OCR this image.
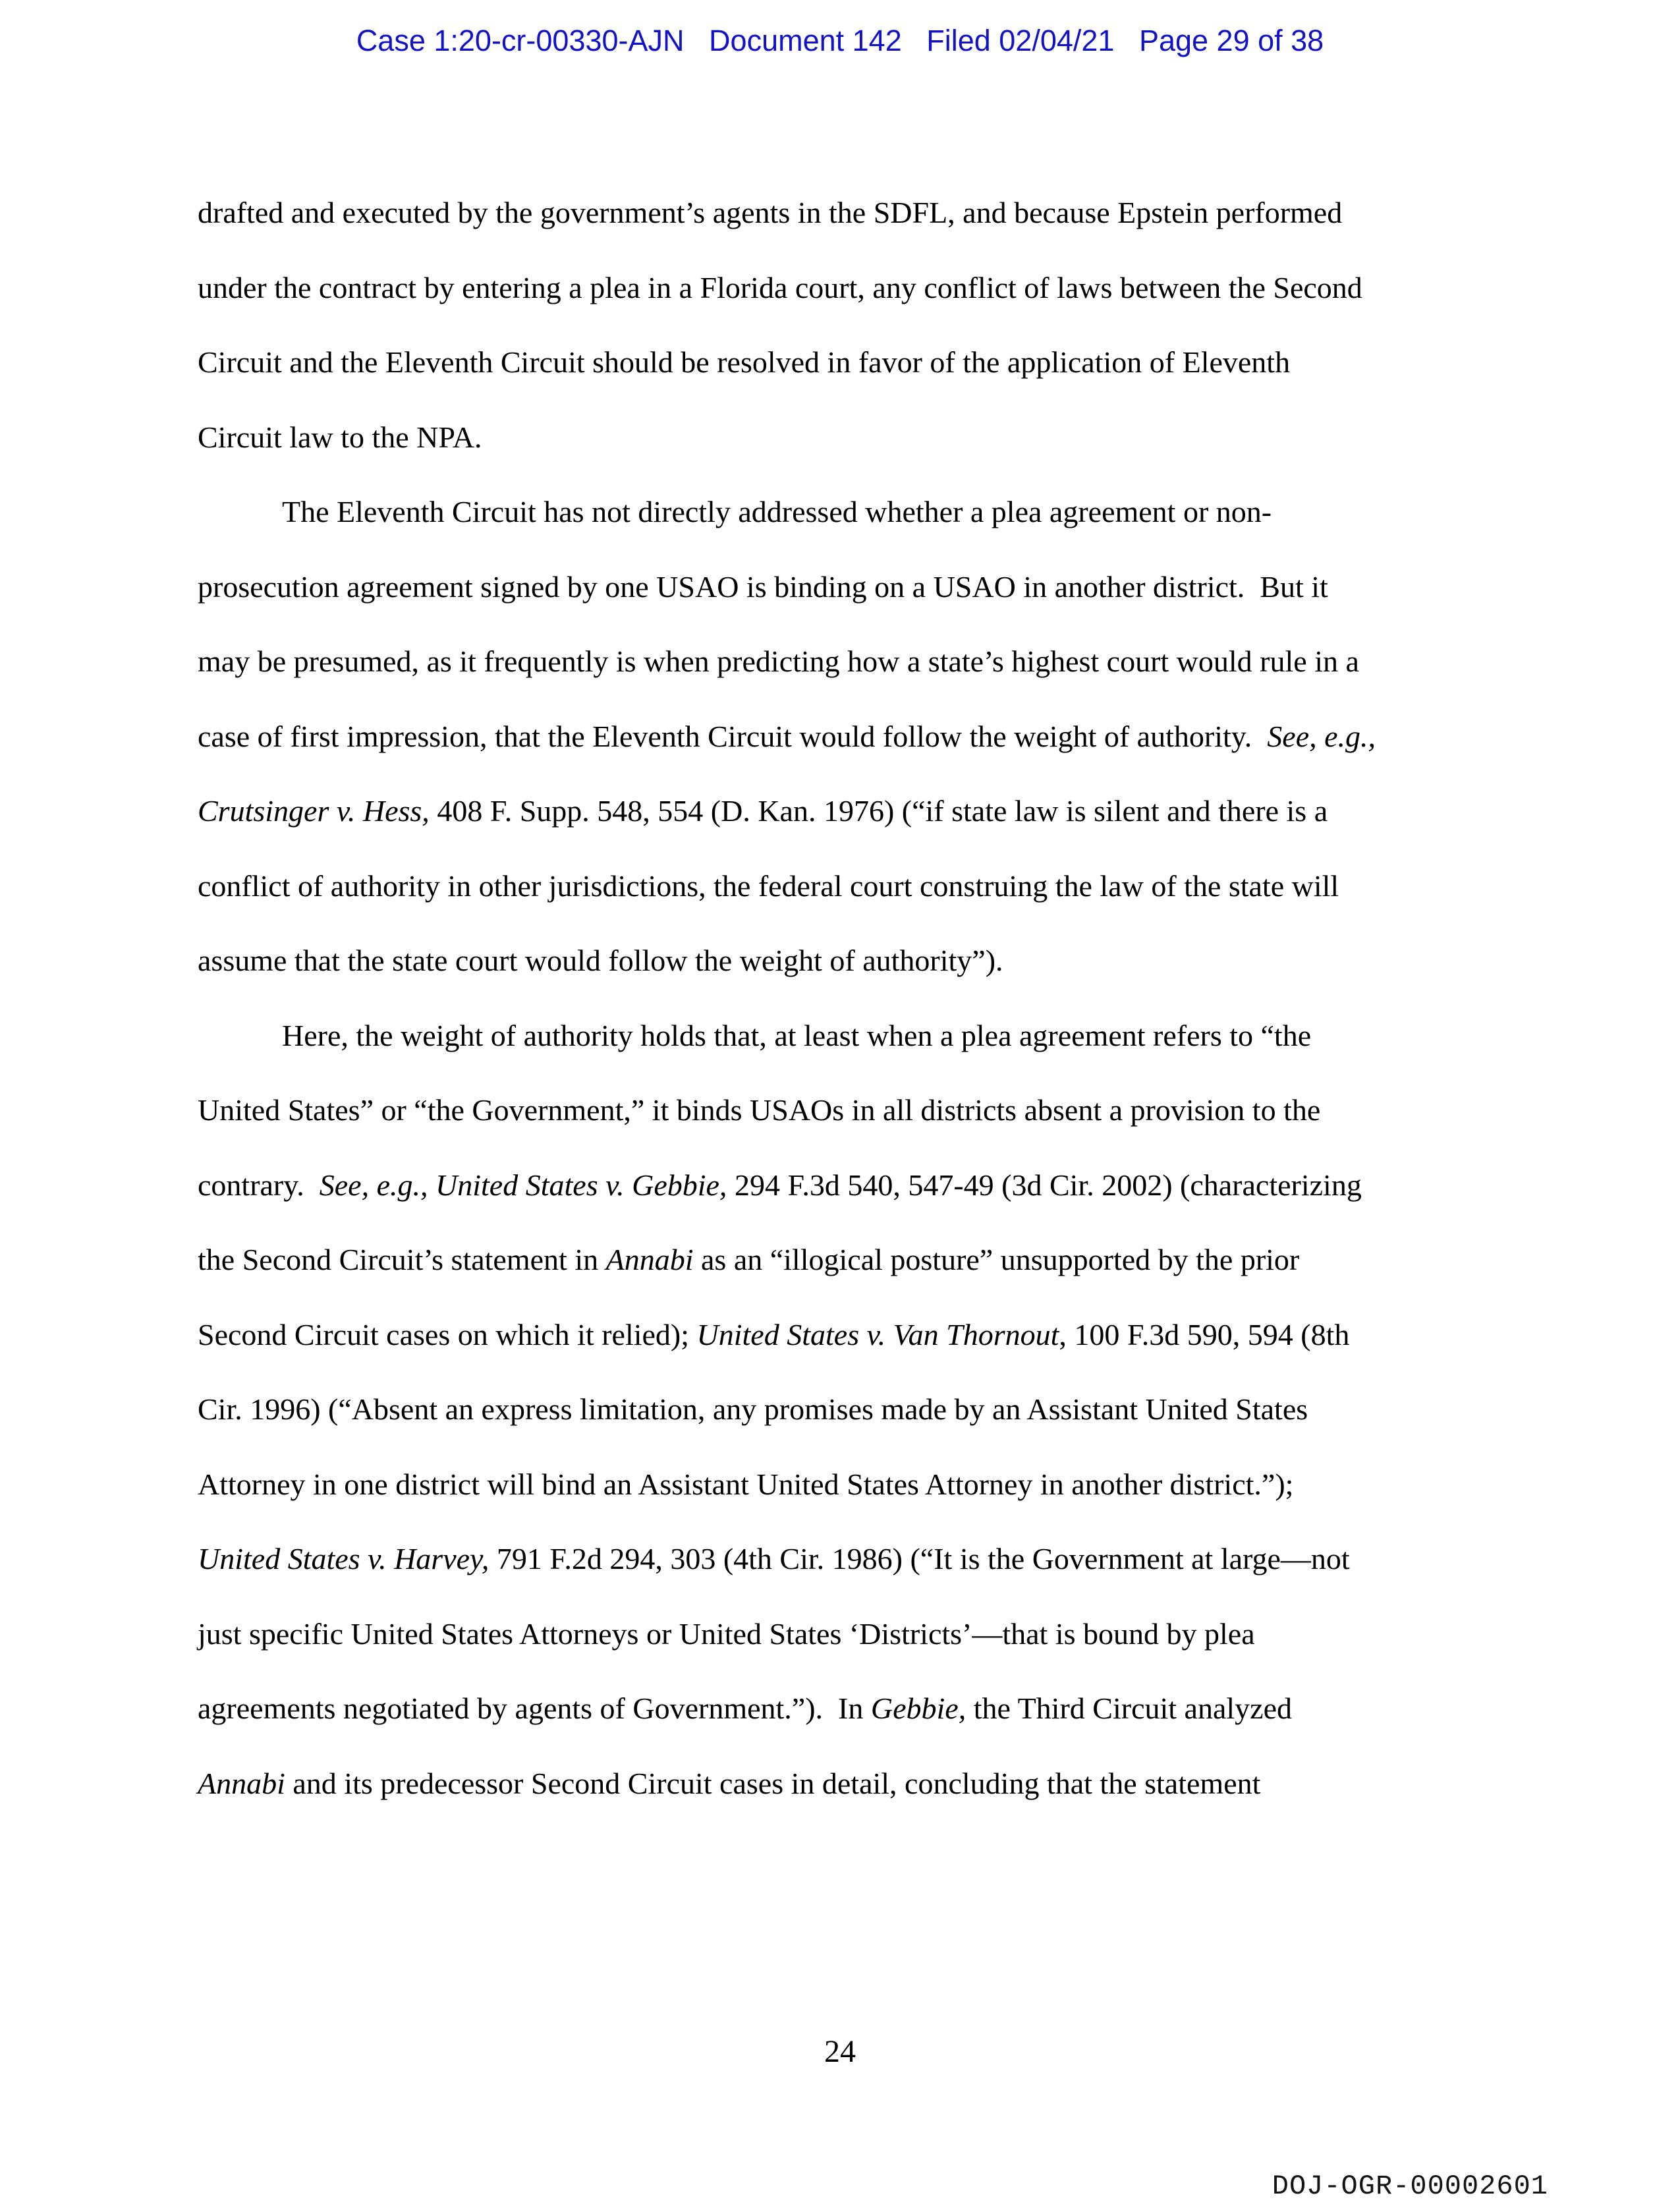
Case 1:20-cr-00330-AJN   Document 142   Filed 02/04/21   Page 29 of 38
drafted and executed by the government’s agents in the SDFL, and because Epstein performed
under the contract by entering a plea in a Florida court, any conflict of laws between the Second
Circuit and the Eleventh Circuit should be resolved in favor of the application of Eleventh
Circuit law to the NPA.
The Eleventh Circuit has not directly addressed whether a plea agreement or non-
prosecution agreement signed by one USAO is binding on a USAO in another district.  But it
may be presumed, as it frequently is when predicting how a state’s highest court would rule in a
case of first impression, that the Eleventh Circuit would follow the weight of authority.  See, e.g.,
Crutsinger v. Hess, 408 F. Supp. 548, 554 (D. Kan. 1976) (“if state law is silent and there is a
conflict of authority in other jurisdictions, the federal court construing the law of the state will
assume that the state court would follow the weight of authority”).
Here, the weight of authority holds that, at least when a plea agreement refers to “the
United States” or “the Government,” it binds USAOs in all districts absent a provision to the
contrary.  See, e.g., United States v. Gebbie, 294 F.3d 540, 547-49 (3d Cir. 2002) (characterizing
the Second Circuit’s statement in Annabi as an “illogical posture” unsupported by the prior
Second Circuit cases on which it relied); United States v. Van Thornout, 100 F.3d 590, 594 (8th
Cir. 1996) (“Absent an express limitation, any promises made by an Assistant United States
Attorney in one district will bind an Assistant United States Attorney in another district.”);
United States v. Harvey, 791 F.2d 294, 303 (4th Cir. 1986) (“It is the Government at large—not
just specific United States Attorneys or United States ‘Districts’—that is bound by plea
agreements negotiated by agents of Government.”).  In Gebbie, the Third Circuit analyzed
Annabi and its predecessor Second Circuit cases in detail, concluding that the statement
24
DOJ-OGR-00002601
